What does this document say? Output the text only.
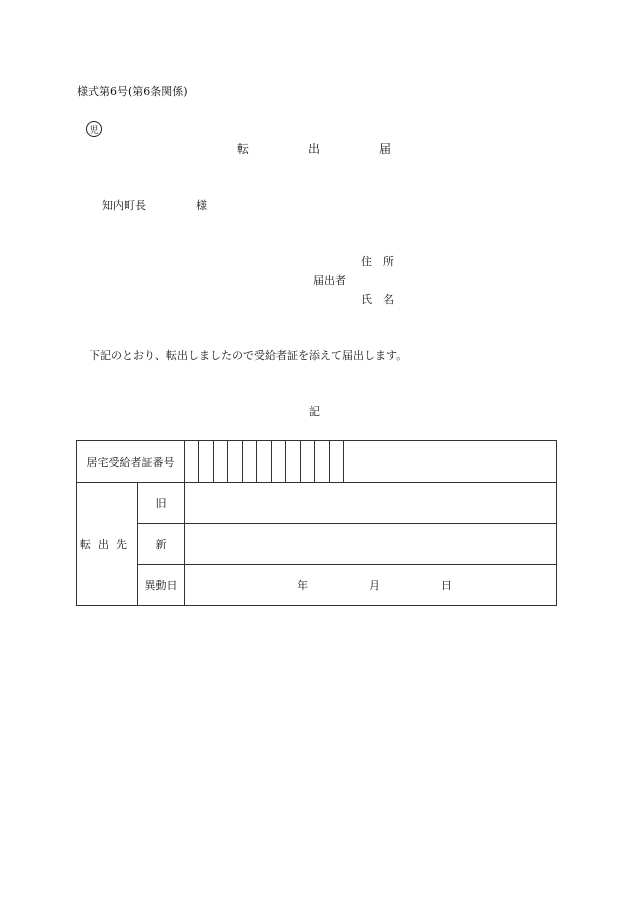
様式第6号(第6条関係)
児
転	出	届
知内町長	様
住　所
届出者
氏　名
下記のとおり、転出しましたので受給者証を添えて届出します。
記
居宅受給者証番号		

転出先	旧	
	新	
	異動日	年 月 日
